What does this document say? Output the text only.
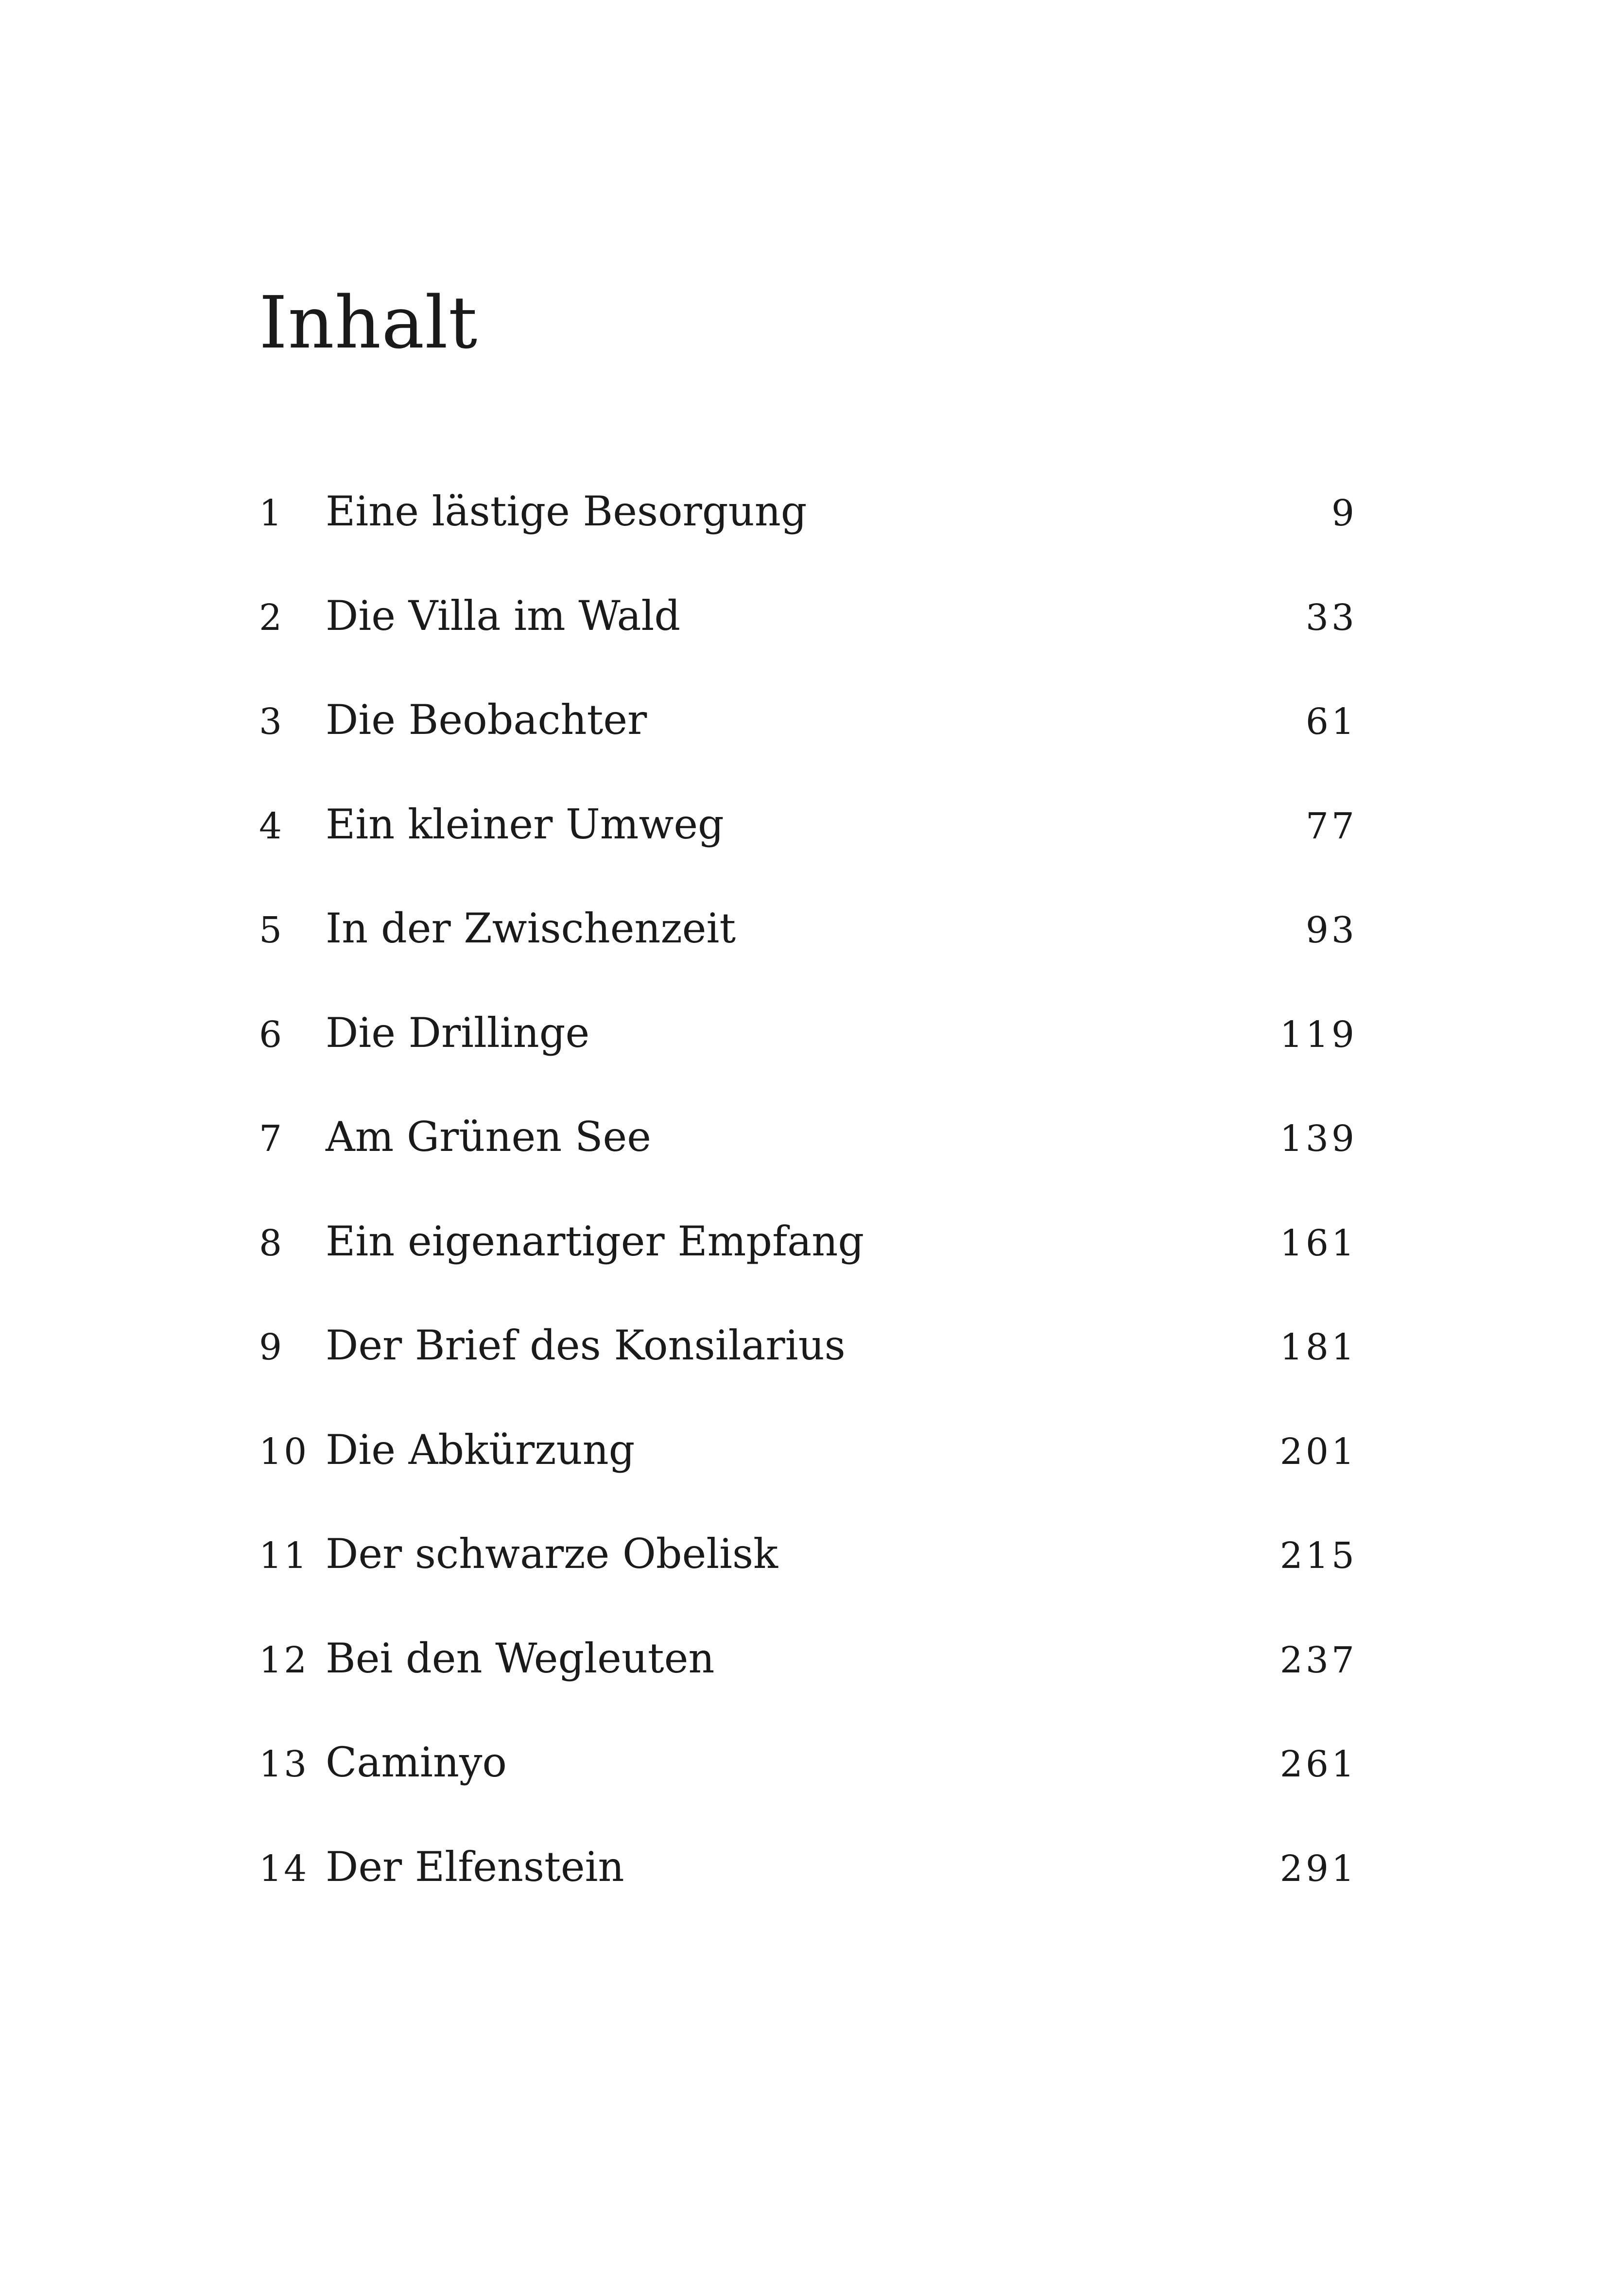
Inhalt
1	Eine lästige Besorgung	9
2	Die Villa im Wald	33
3	Die Beobachter	61
4	Ein kleiner Umweg	77
5	In der Zwischenzeit	93
6	Die Drillinge	119
7	Am Grünen See	139
8	Ein eigenartiger Empfang	161
9	Der Brief des Konsilarius	181
10 Die Abkürzung	201
11 Der schwarze Obelisk	215
12 Bei den Wegleuten	237
13 Caminyo	261
14 Der Elfenstein	291
